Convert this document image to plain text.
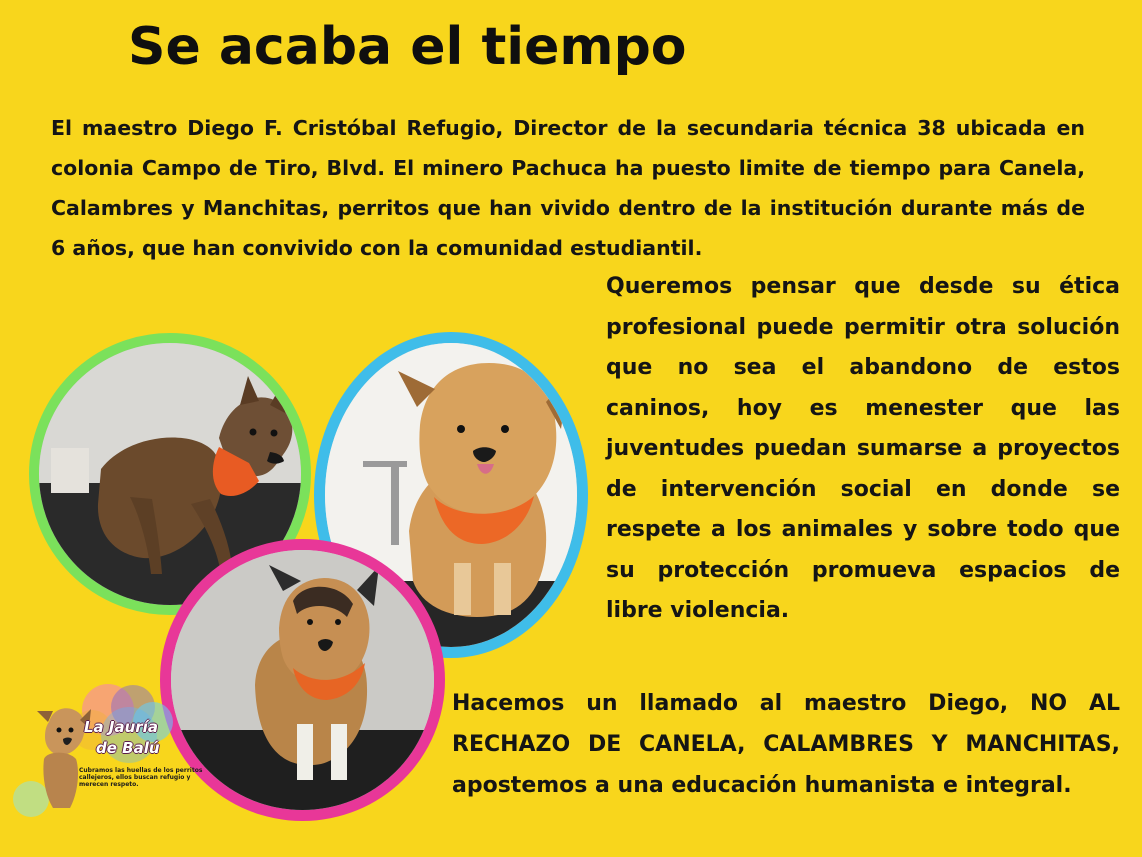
Se acaba el tiempo

El maestro Diego F. Cristóbal Refugio, Director de la secundaria técnica 38 ubicada en colonia Campo de Tiro, Blvd. El minero Pachuca ha puesto limite de tiempo para Canela, Calambres y Manchitas, perritos que han vivido dentro de la institución durante más de 6 años, que han convivido con la comunidad estudiantil.

Queremos pensar que desde su ética profesional puede permitir otra solución que no sea el abandono de estos caninos, hoy es menester que las juventudes puedan sumarse a proyectos de intervención social en donde se respete a los animales y sobre todo que su protección promueva espacios de libre violencia.

Hacemos un llamado al maestro Diego, NO AL RECHAZO DE CANELA, CALAMBRES Y MANCHITAS, apostemos a una educación humanista e integral.

La Jauría
de Balú
Cubramos las huellas de los perritos callejeros, ellos buscan refugio y merecen respeto.
